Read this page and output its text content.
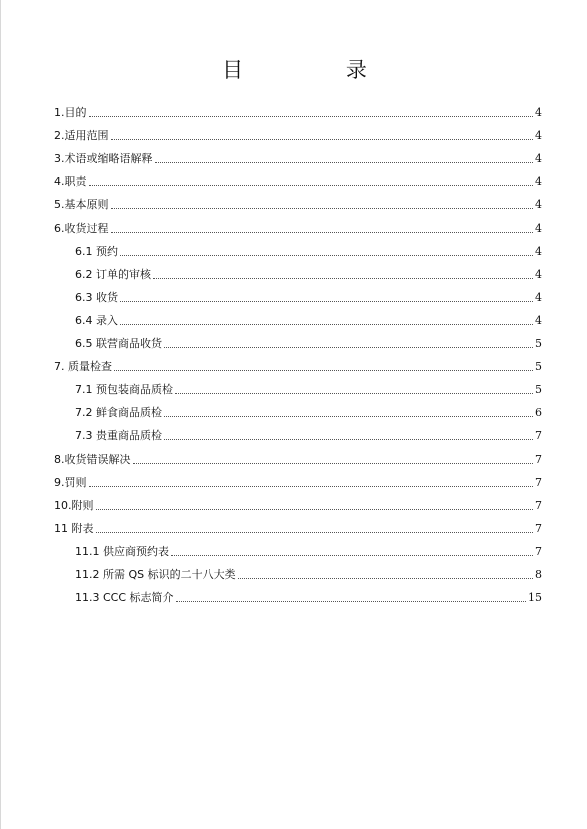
目 录
1.目的	4
2.适用范围	4
3.术语或缩略语解释	4
4.职责	4
5.基本原则	4
6.收货过程	4
6.1 预约	4
6.2 订单的审核	4
6.3 收货	4
6.4 录入	4
6.5 联营商品收货	5
7. 质量检查	5
7.1 预包装商品质检	5
7.2 鲜食商品质检	6
7.3 贵重商品质检	7
8.收货错误解决	7
9.罚则	7
10.附则	7
11 附表	7
11.1 供应商预约表	7
11.2 所需 QS 标识的二十八大类	8
11.3 CCC 标志简介	15
